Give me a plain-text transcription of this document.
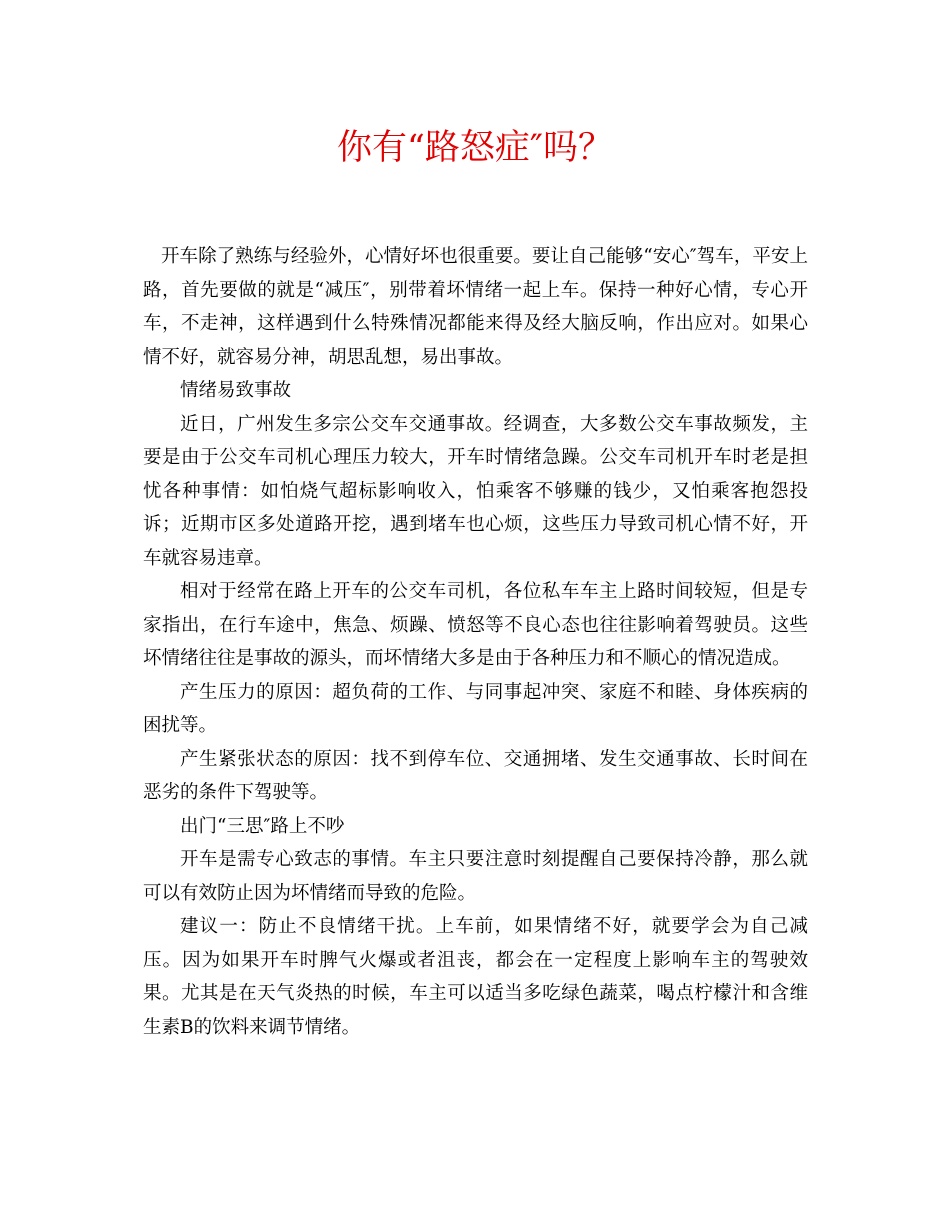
你有“路怒症″吗？

开车除了熟练与经验外，心情好坏也很重要。要让自己能够“安心″驾车，平安上路，首先要做的就是“减压″，别带着坏情绪一起上车。保持一种好心情，专心开车，不走神，这样遇到什么特殊情况都能来得及经大脑反响，作出应对。如果心情不好，就容易分神，胡思乱想，易出事故。

情绪易致事故

近日，广州发生多宗公交车交通事故。经调查，大多数公交车事故频发，主要是由于公交车司机心理压力较大，开车时情绪急躁。公交车司机开车时老是担忧各种事情：如怕烧气超标影响收入，怕乘客不够赚的钱少，又怕乘客抱怨投诉；近期市区多处道路开挖，遇到堵车也心烦，这些压力导致司机心情不好，开车就容易违章。

相对于经常在路上开车的公交车司机，各位私车车主上路时间较短，但是专家指出，在行车途中，焦急、烦躁、愤怒等不良心态也往往影响着驾驶员。这些坏情绪往往是事故的源头，而坏情绪大多是由于各种压力和不顺心的情况造成。

产生压力的原因：超负荷的工作、与同事起冲突、家庭不和睦、身体疾病的困扰等。

产生紧张状态的原因：找不到停车位、交通拥堵、发生交通事故、长时间在恶劣的条件下驾驶等。

出门“三思″路上不吵

开车是需专心致志的事情。车主只要注意时刻提醒自己要保持冷静，那么就可以有效防止因为坏情绪而导致的危险。

建议一：防止不良情绪干扰。上车前，如果情绪不好，就要学会为自己减压。因为如果开车时脾气火爆或者沮丧，都会在一定程度上影响车主的驾驶效果。尤其是在天气炎热的时候，车主可以适当多吃绿色蔬菜，喝点柠檬汁和含维生素B的饮料来调节情绪。
